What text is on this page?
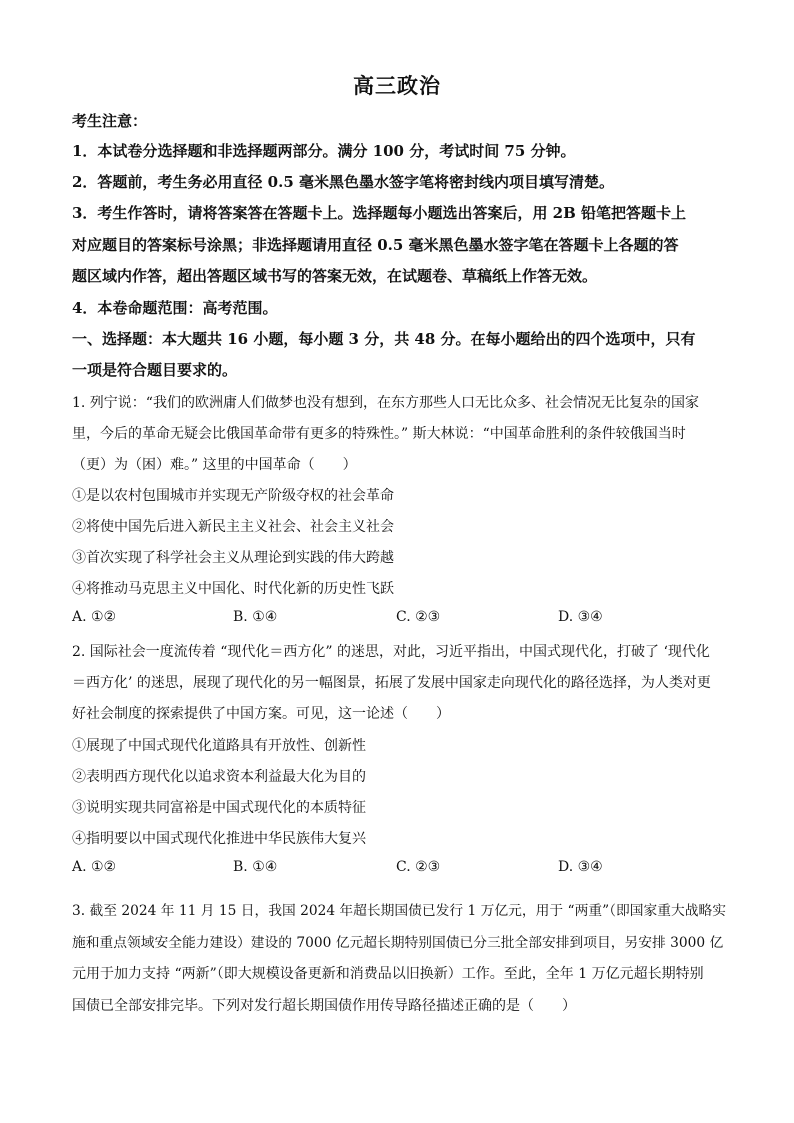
高三政治
考生注意：
1．本试卷分选择题和非选择题两部分。满分 100 分，考试时间 75 分钟。
2．答题前，考生务必用直径 0.5 毫米黑色墨水签字笔将密封线内项目填写清楚。
3．考生作答时，请将答案答在答题卡上。选择题每小题选出答案后，用 2B 铅笔把答题卡上
对应题目的答案标号涂黑；非选择题请用直径 0.5 毫米黑色墨水签字笔在答题卡上各题的答
题区域内作答，超出答题区域书写的答案无效，在试题卷、草稿纸上作答无效。
4．本卷命题范围：高考范围。
一、选择题：本大题共 16 小题，每小题 3 分，共 48 分。在每小题给出的四个选项中，只有
一项是符合题目要求的。
1. 列宁说：“我们的欧洲庸人们做梦也没有想到，在东方那些人口无比众多、社会情况无比复杂的国家
里，今后的革命无疑会比俄国革命带有更多的特殊性。” 斯大林说：“中国革命胜利的条件较俄国当时
（更）为（困）难。” 这里的中国革命（　　）
①是以农村包围城市并实现无产阶级夺权的社会革命
②将使中国先后进入新民主主义社会、社会主义社会
③首次实现了科学社会主义从理论到实践的伟大跨越
④将推动马克思主义中国化、时代化新的历史性飞跃
A. ①②	B. ①④	C. ②③	D. ③④
2. 国际社会一度流传着 “现代化＝西方化” 的迷思，对此，习近平指出，中国式现代化，打破了 ‘现代化
＝西方化’ 的迷思，展现了现代化的另一幅图景，拓展了发展中国家走向现代化的路径选择，为人类对更
好社会制度的探索提供了中国方案。可见，这一论述（　　）
①展现了中国式现代化道路具有开放性、创新性
②表明西方现代化以追求资本利益最大化为目的
③说明实现共同富裕是中国式现代化的本质特征
④指明要以中国式现代化推进中华民族伟大复兴
A. ①②	B. ①④	C. ②③	D. ③④
3. 截至 2024 年 11 月 15 日，我国 2024 年超长期国债已发行 1 万亿元，用于 “两重”（即国家重大战略实
施和重点领域安全能力建设）建设的 7000 亿元超长期特别国债已分三批全部安排到项目，另安排 3000 亿
元用于加力支持 “两新”（即大规模设备更新和消费品以旧换新）工作。至此，全年 1 万亿元超长期特别
国债已全部安排完毕。下列对发行超长期国债作用传导路径描述正确的是（　　）
